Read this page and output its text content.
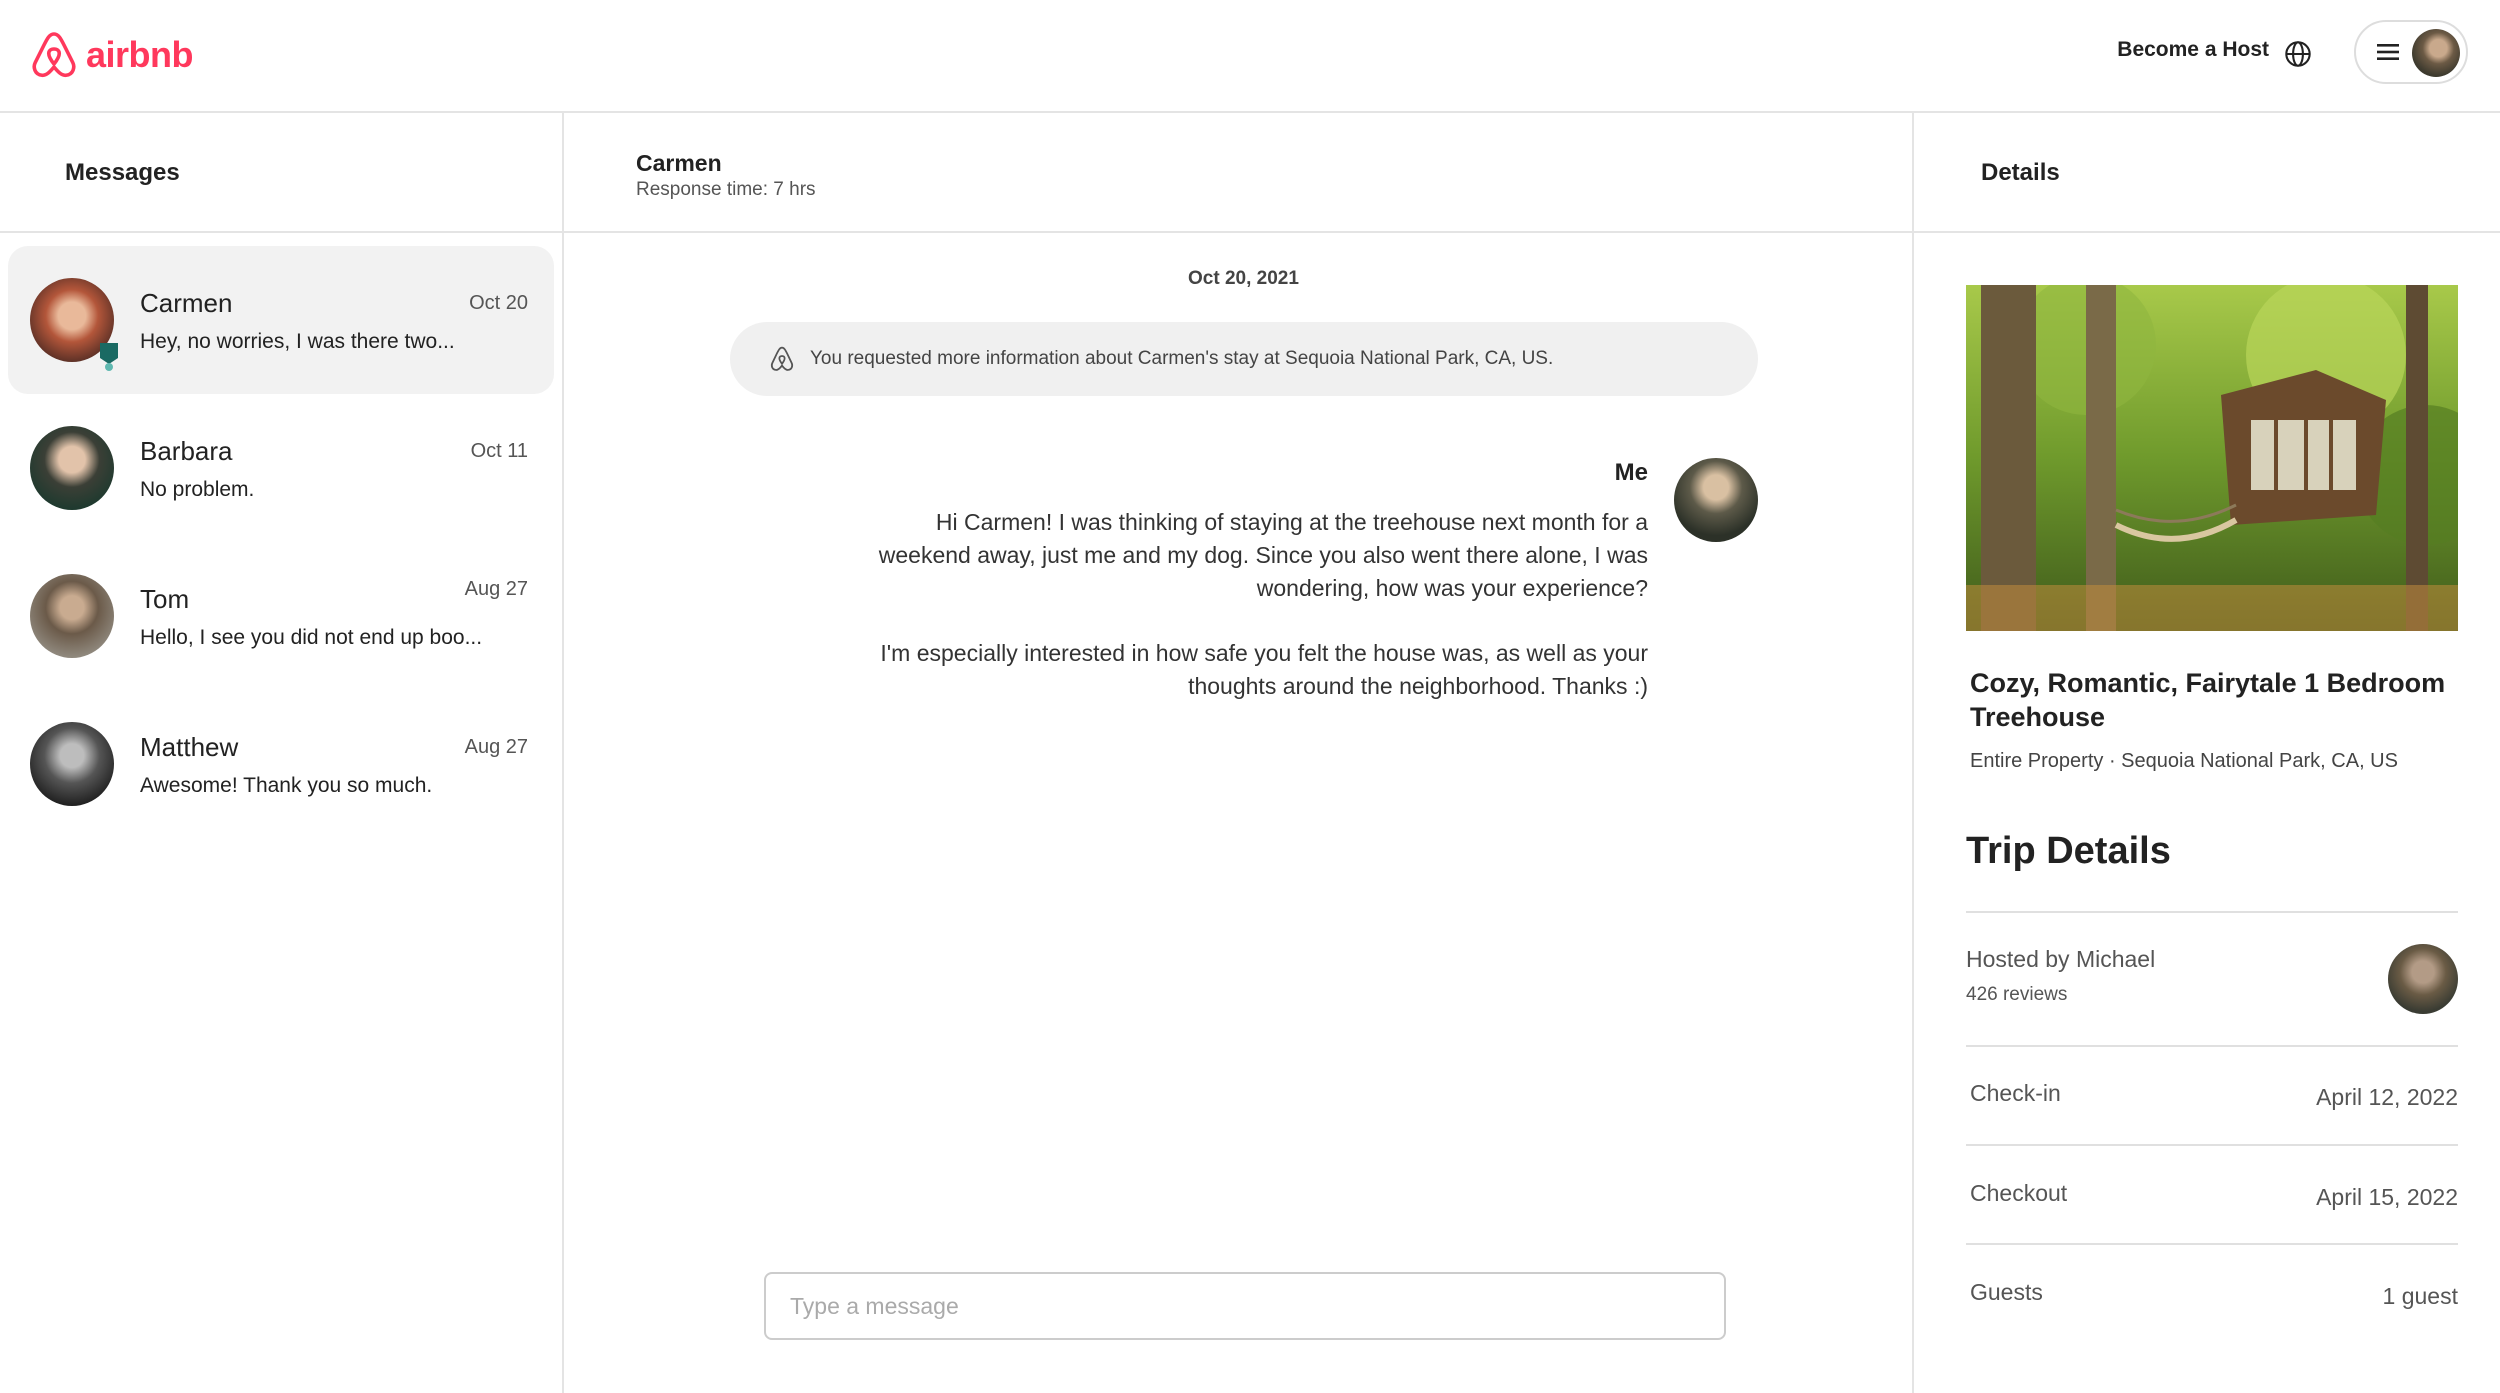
airbnb	Become a Host
Messages
Carmen	Oct 20
Hey, no worries, I was there two...
Barbara	Oct 11
No problem.
Tom	Aug 27
Hello, I see you did not end up boo...
Matthew	Aug 27
Awesome! Thank you so much.
Carmen
Response time: 7 hrs
Oct 20, 2021
You requested more information about Carmen's stay at Sequoia National Park, CA, US.
Me

Hi Carmen! I was thinking of staying at the treehouse next month for a weekend away, just me and my dog. Since you also went there alone, I was wondering, how was your experience?

I'm especially interested in how safe you felt the house was, as well as your thoughts around the neighborhood. Thanks :)

Type a message
Details
Cozy, Romantic, Fairytale 1 Bedroom Treehouse
Entire Property · Sequoia National Park, CA, US
Trip Details
Hosted by Michael
426 reviews
Check-in	April 12, 2022
Checkout	April 15, 2022
Guests	1 guest
